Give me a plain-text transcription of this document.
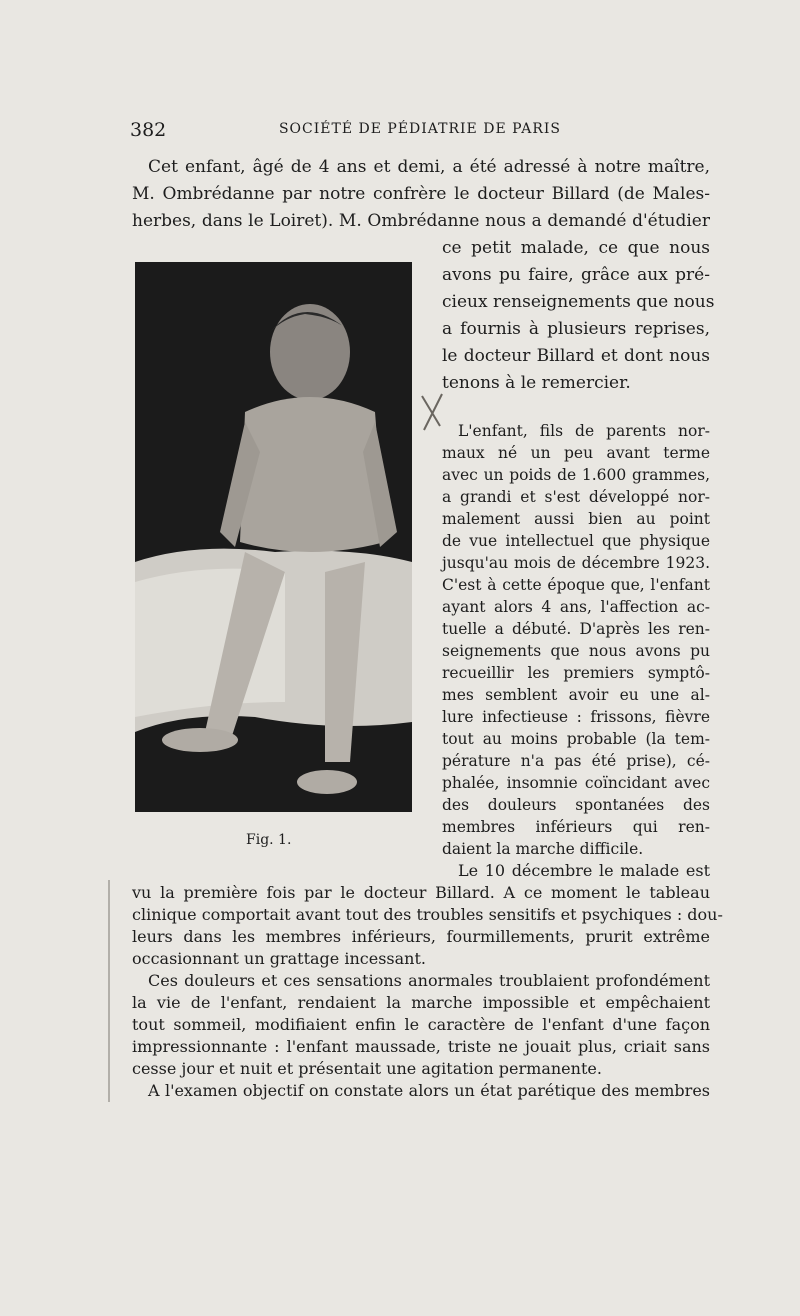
382	SOCIÉTÉ DE PÉDIATRIE DE PARIS
Cet enfant, âgé de 4 ans et demi, a été adressé à notre maître,
M. Ombrédanne par notre confrère le docteur Billard (de Males-
herbes, dans le Loiret). M. Ombrédanne nous a demandé d'étudier
ce petit malade, ce que nous
avons pu faire, grâce aux pré-
cieux renseignements que nous
a fournis à plusieurs reprises,
le docteur Billard et dont nous
tenons à le remercier.
Fig. 1.
L'enfant, fils de parents nor-
maux né un peu avant terme
avec un poids de 1.600 grammes,
a grandi et s'est développé nor-
malement aussi bien au point
de vue intellectuel que physique
jusqu'au mois de décembre 1923.
C'est à cette époque que, l'enfant
ayant alors 4 ans, l'affection ac-
tuelle a débuté. D'après les ren-
seignements que nous avons pu
recueillir les premiers symptô-
mes semblent avoir eu une al-
lure infectieuse : frissons, fièvre
tout au moins probable (la tem-
pérature n'a pas été prise), cé-
phalée, insomnie coïncidant avec
des douleurs spontanées des
membres inférieurs qui ren-
daient la marche difficile.
Le 10 décembre le malade est
vu la première fois par le docteur Billard. A ce moment le tableau
clinique comportait avant tout des troubles sensitifs et psychiques : dou-
leurs dans les membres inférieurs, fourmillements, prurit extrême
occasionnant un grattage incessant.
Ces douleurs et ces sensations anormales troublaient profondément
la vie de l'enfant, rendaient la marche impossible et empêchaient
tout sommeil, modifiaient enfin le caractère de l'enfant d'une façon
impressionnante : l'enfant maussade, triste ne jouait plus, criait sans
cesse jour et nuit et présentait une agitation permanente.
A l'examen objectif on constate alors un état parétique des membres
